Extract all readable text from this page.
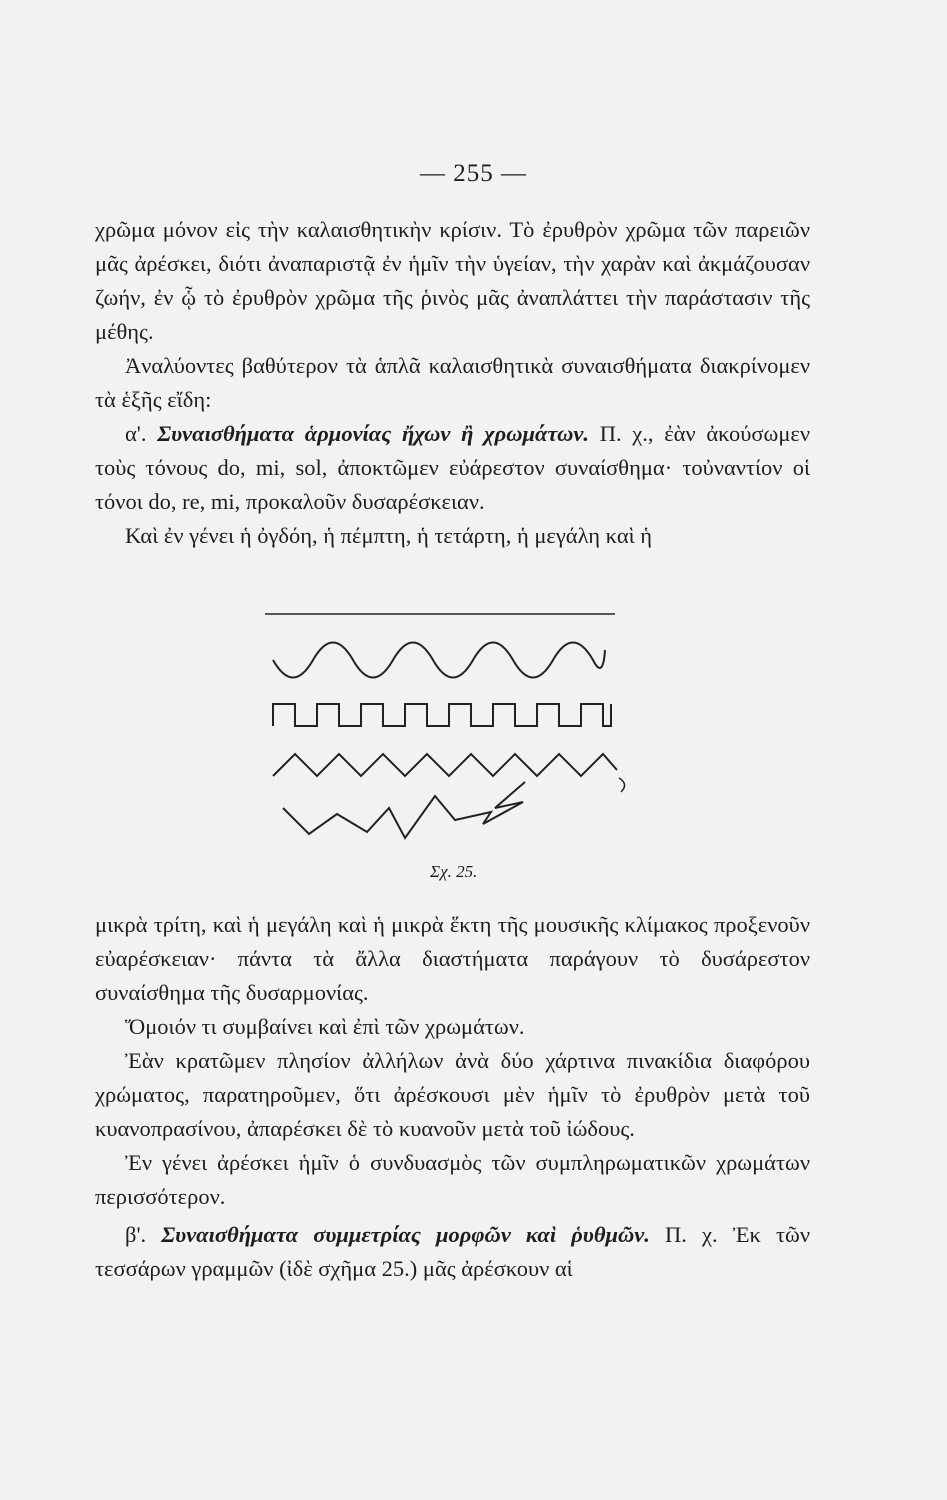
— 255 —

χρῶμα μόνον εἰς τὴν καλαισθητικὴν κρίσιν. Τὸ ἐρυθρὸν χρῶμα τῶν παρειῶν μᾶς ἀρέσκει, διότι ἀναπαριστᾷ ἐν ἡμῖν τὴν ὑγείαν, τὴν χαρὰν καὶ ἀκμάζουσαν ζωήν, ἐν ᾧ τὸ ἐρυθρὸν χρῶμα τῆς ῥινὸς μᾶς ἀναπλάττει τὴν παράστασιν τῆς μέθης.

Ἀναλύοντες βαθύτερον τὰ ἁπλᾶ καλαισθητικὰ συναισθήματα διακρίνομεν τὰ ἑξῆς εἴδη:

α'. Συναισθήματα ἁρμονίας ἤχων ἢ χρωμάτων. Π. χ., ἐὰν ἀκούσωμεν τοὺς τόνους do, mi, sol, ἀποκτῶμεν εὐάρεστον συναίσθημα· τοὐναντίον οἱ τόνοι do, re, mi, προκαλοῦν δυσαρέσκειαν.

Καὶ ἐν γένει ἡ ὀγδόη, ἡ πέμπτη, ἡ τετάρτη, ἡ μεγάλη καὶ ἡ

Σχ. 25.

μικρὰ τρίτη, καὶ ἡ μεγάλη καὶ ἡ μικρὰ ἕκτη τῆς μουσικῆς κλίμακος προξενοῦν εὐαρέσκειαν· πάντα τὰ ἄλλα διαστήματα παράγουν τὸ δυσάρεστον συναίσθημα τῆς δυσαρμονίας.

Ὅμοιόν τι συμβαίνει καὶ ἐπὶ τῶν χρωμάτων.

Ἐὰν κρατῶμεν πλησίον ἀλλήλων ἀνὰ δύο χάρτινα πινακίδια διαφόρου χρώματος, παρατηροῦμεν, ὅτι ἀρέσκουσι μὲν ἡμῖν τὸ ἐρυθρὸν μετὰ τοῦ κυανοπρασίνου, ἀπαρέσκει δὲ τὸ κυανοῦν μετὰ τοῦ ἰώδους.

Ἐν γένει ἀρέσκει ἡμῖν ὁ συνδυασμὸς τῶν συμπληρωματικῶν χρωμάτων περισσότερον.

β'. Συναισθήματα συμμετρίας μορφῶν καὶ ῥυθμῶν. Π. χ. Ἐκ τῶν τεσσάρων γραμμῶν (ἰδὲ σχῆμα 25.) μᾶς ἀρέσκουν αἱ
